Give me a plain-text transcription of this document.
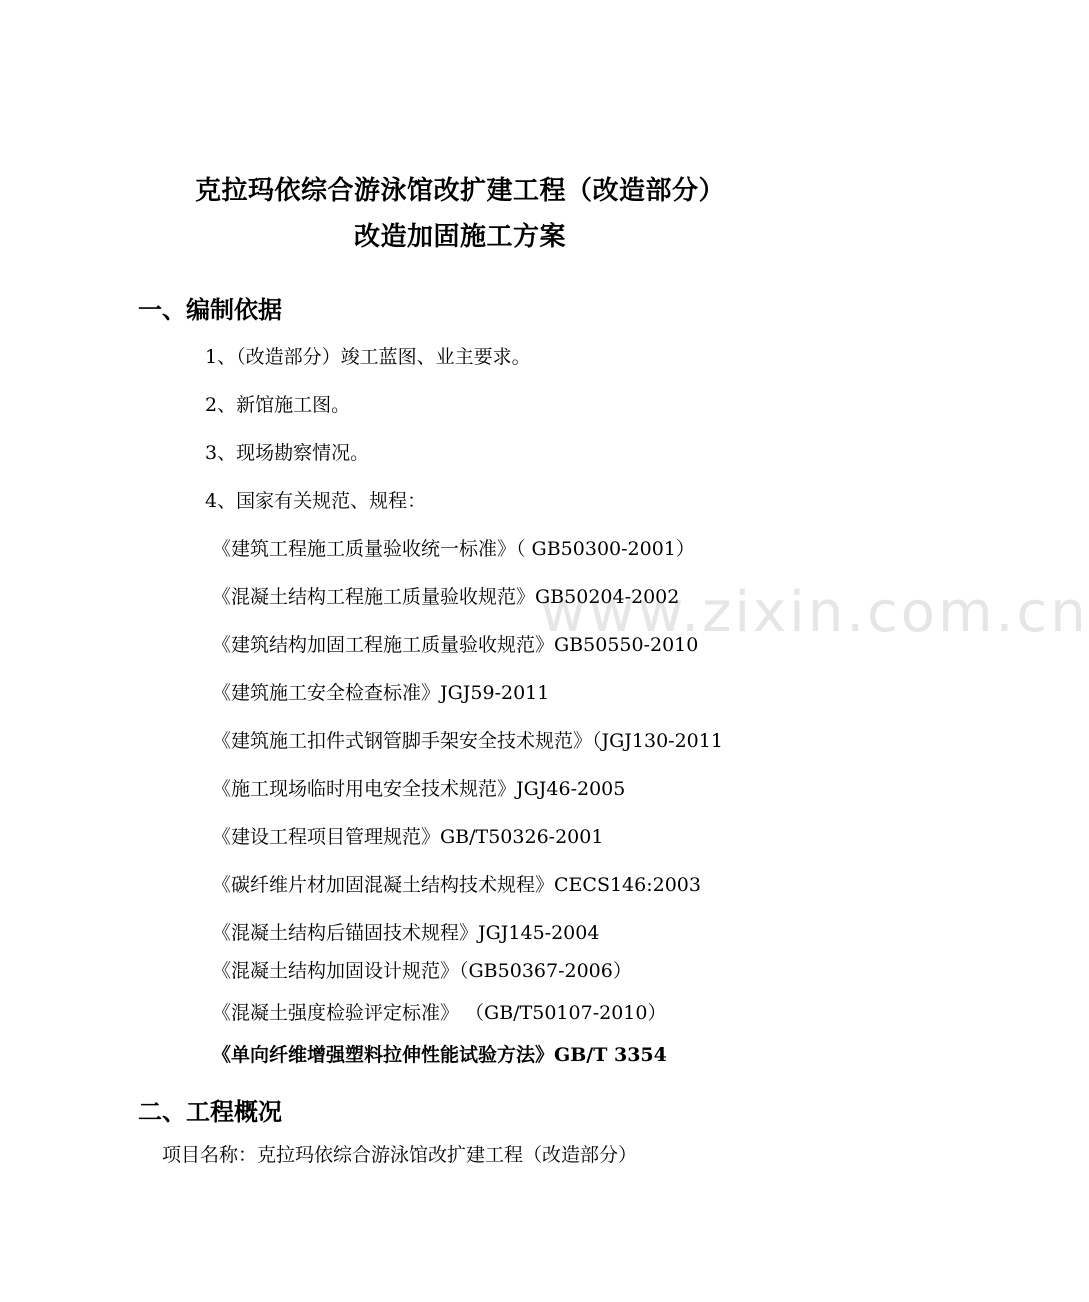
www.zixin.com.cn
克拉玛依综合游泳馆改扩建工程（改造部分）
改造加固施工方案
一、编制依据
1、（改造部分）竣工蓝图、业主要求。
2、新馆施工图。
3、现场勘察情况。
4、国家有关规范、规程：
《建筑工程施工质量验收统一标准》（ GB50300-2001）
《混凝土结构工程施工质量验收规范》GB50204-2002
《建筑结构加固工程施工质量验收规范》GB50550-2010
《建筑施工安全检查标准》JGJ59-2011
《建筑施工扣件式钢管脚手架安全技术规范》（JGJ130-2011
《施工现场临时用电安全技术规范》JGJ46-2005
《建设工程项目管理规范》GB/T50326-2001
《碳纤维片材加固混凝土结构技术规程》CECS146:2003
《混凝土结构后锚固技术规程》JGJ145-2004
《混凝土结构加固设计规范》（GB50367-2006）
《混凝土强度检验评定标准》 （GB/T50107-2010）
《单向纤维增强塑料拉伸性能试验方法》GB/T 3354
二、工程概况
项目名称：克拉玛依综合游泳馆改扩建工程（改造部分）
